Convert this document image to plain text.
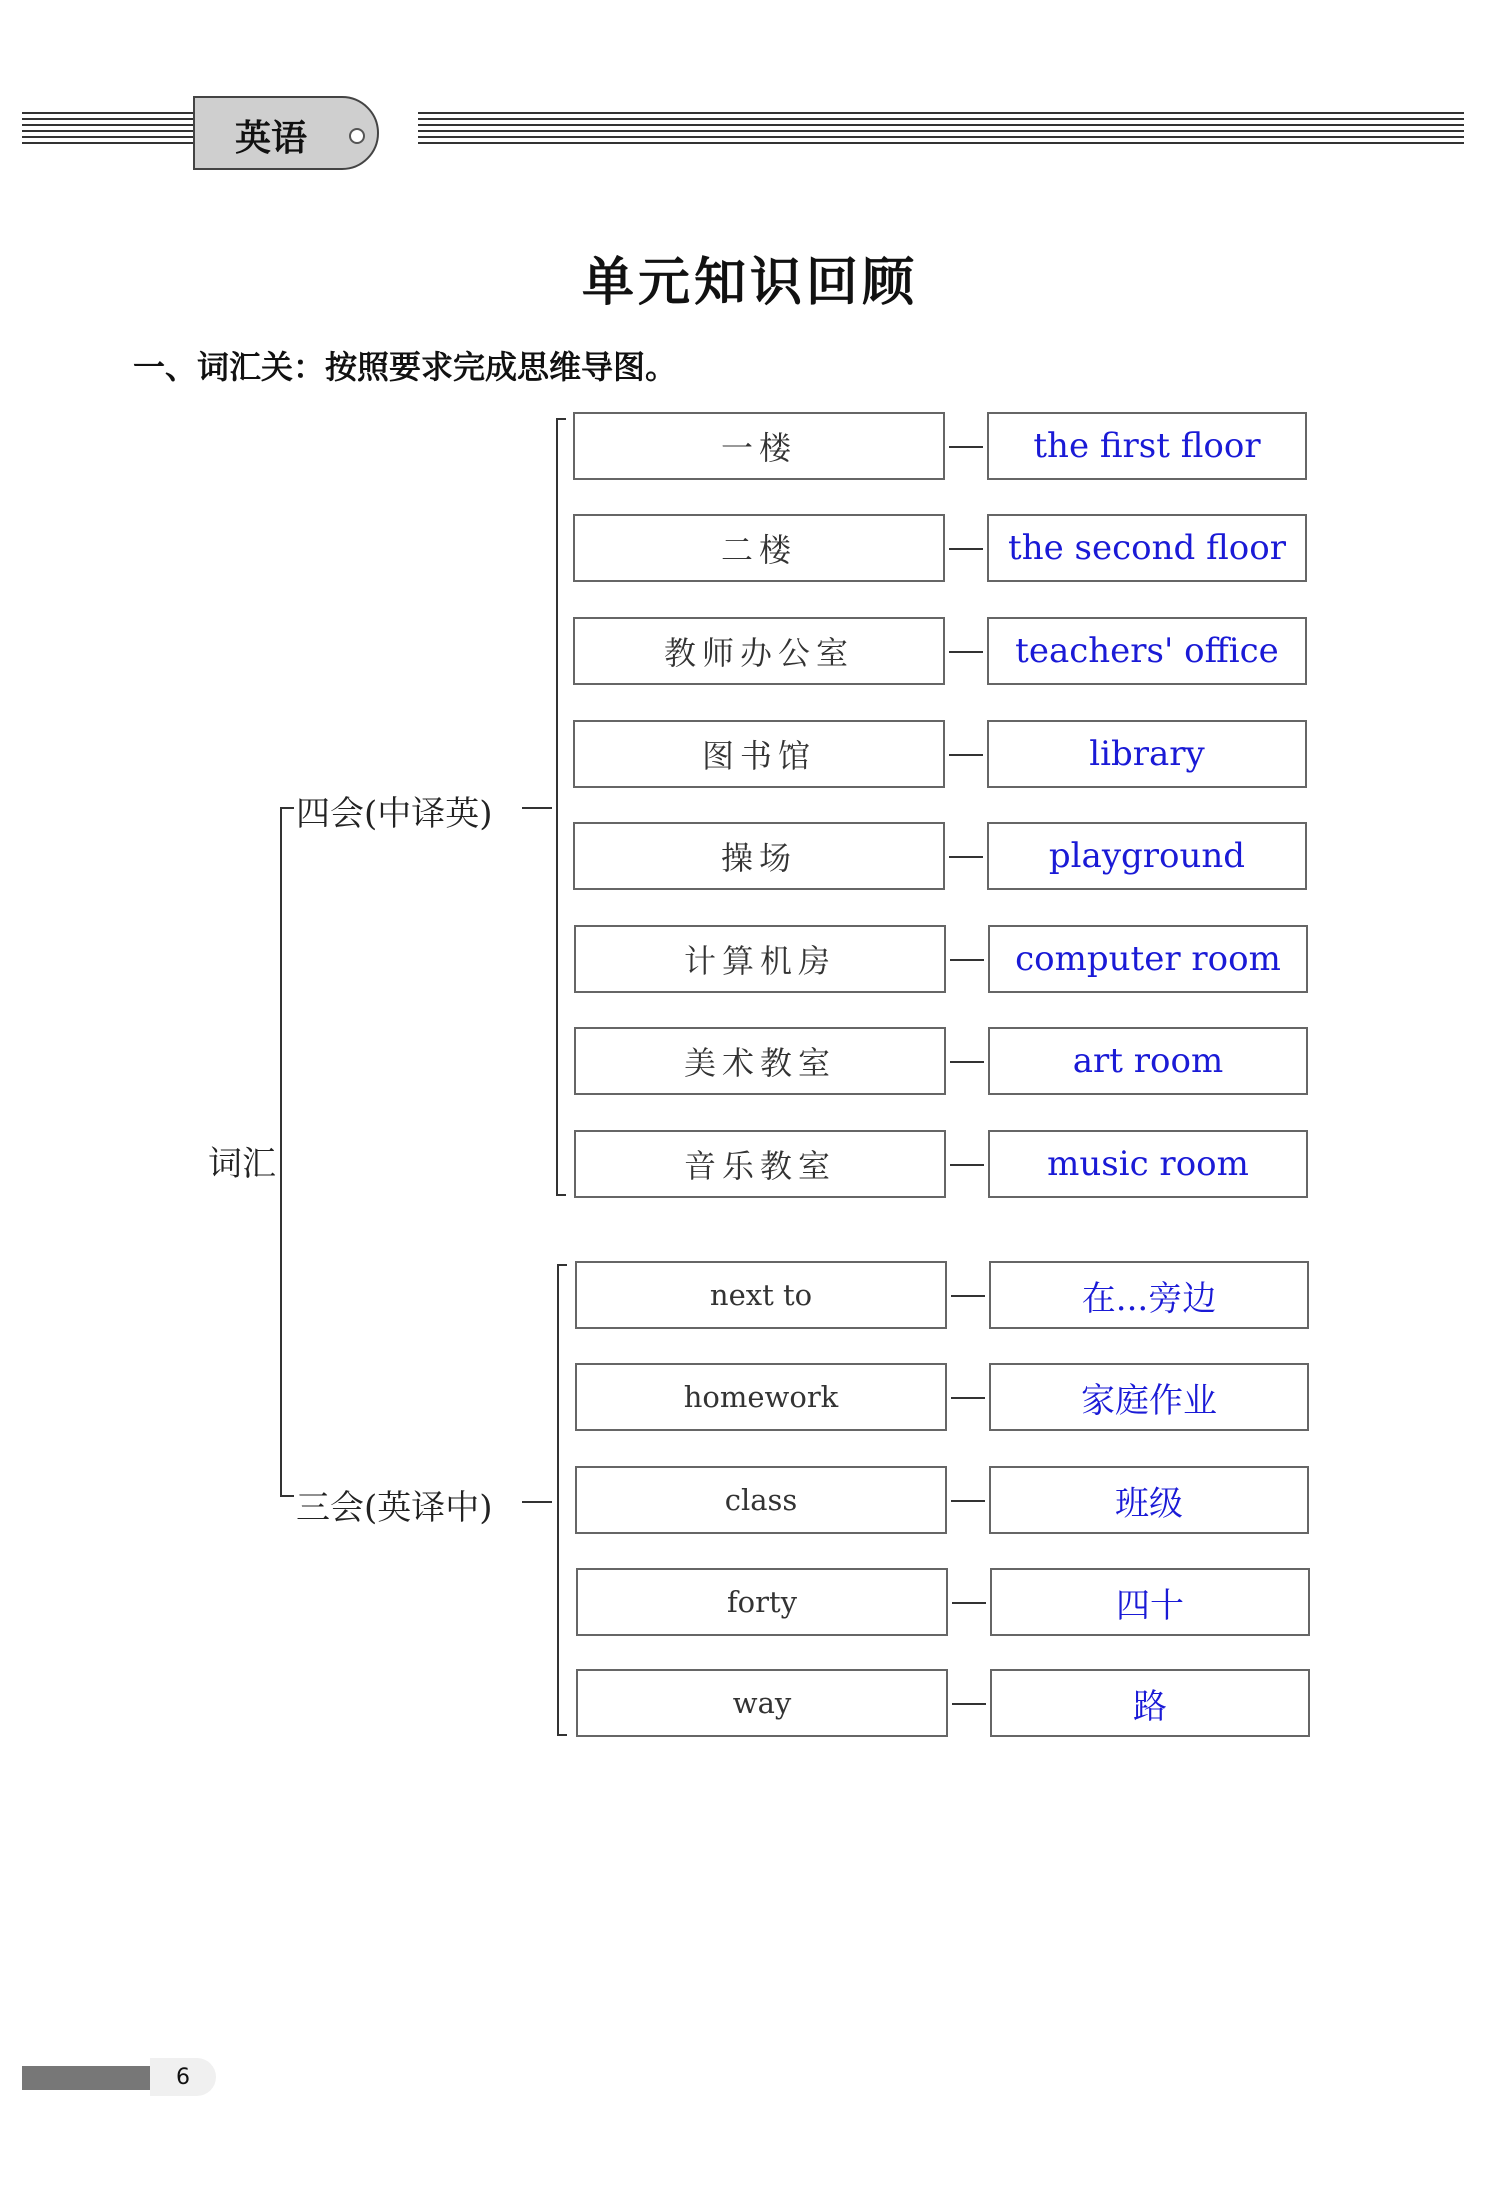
英语
单元知识回顾
一、词汇关：按照要求完成思维导图。
词汇
四会(中译英)
一楼	the first floor
二楼	the second floor
教师办公室	teachers' office
图书馆	library
操场	playground
计算机房	computer room
美术教室	art room
音乐教室	music room
三会(英译中)
next to	在...旁边
homework	家庭作业
class	班级
forty	四十
way	路
6
